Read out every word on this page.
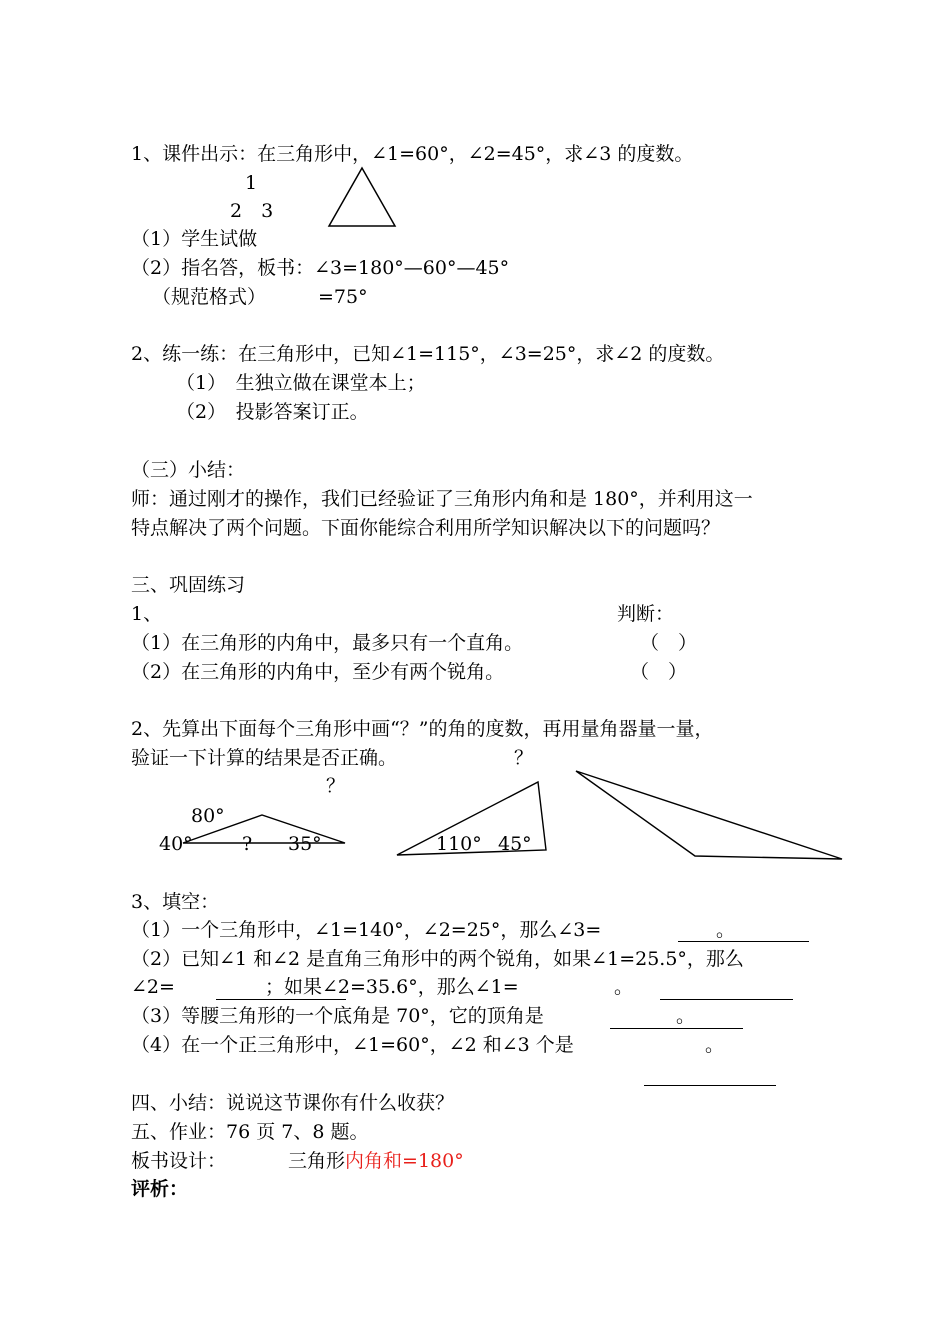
1、课件出示：在三角形中，∠1=60°，∠2=45°，求∠3 的度数。
1
2　3
（1）学生试做
（2）指名答，板书：∠3=180°—60°—45°
（规范格式）	=75°
2、练一练：在三角形中，已知∠1=115°，∠3=25°，求∠2 的度数。
（1）　生独立做在课堂本上；
（2）　投影答案订正。
（三）小结：
师：通过刚才的操作，我们已经验证了三角形内角和是 180°，并利用这一
特点解决了两个问题。下面你能综合利用所学知识解决以下的问题吗？
三、巩固练习
1、	判断：
（1）在三角形的内角中，最多只有一个直角。	（　）
（2）在三角形的内角中，至少有两个锐角。	（　）
2、先算出下面每个三角形中画“？”的角的度数，再用量角器量一量，
验证一下计算的结果是否正确。	？
？
80°
40°	? 35°	110° 45°
3、填空：
（1）一个三角形中，∠1=140°，∠2=25°，那么∠3=	。
（2）已知∠1 和∠2 是直角三角形中的两个锐角，如果∠1=25.5°，那么
∠2=	；如果∠2=35.6°，那么∠1=	。
（3）等腰三角形的一个底角是 70°，它的顶角是	。
（4）在一个正三角形中，∠1=60°，∠2 和∠3 个是	。
四、小结：说说这节课你有什么收获？
五、作业：76 页 7、8 题。
板书设计：	三角形内角和=180°
评析：
